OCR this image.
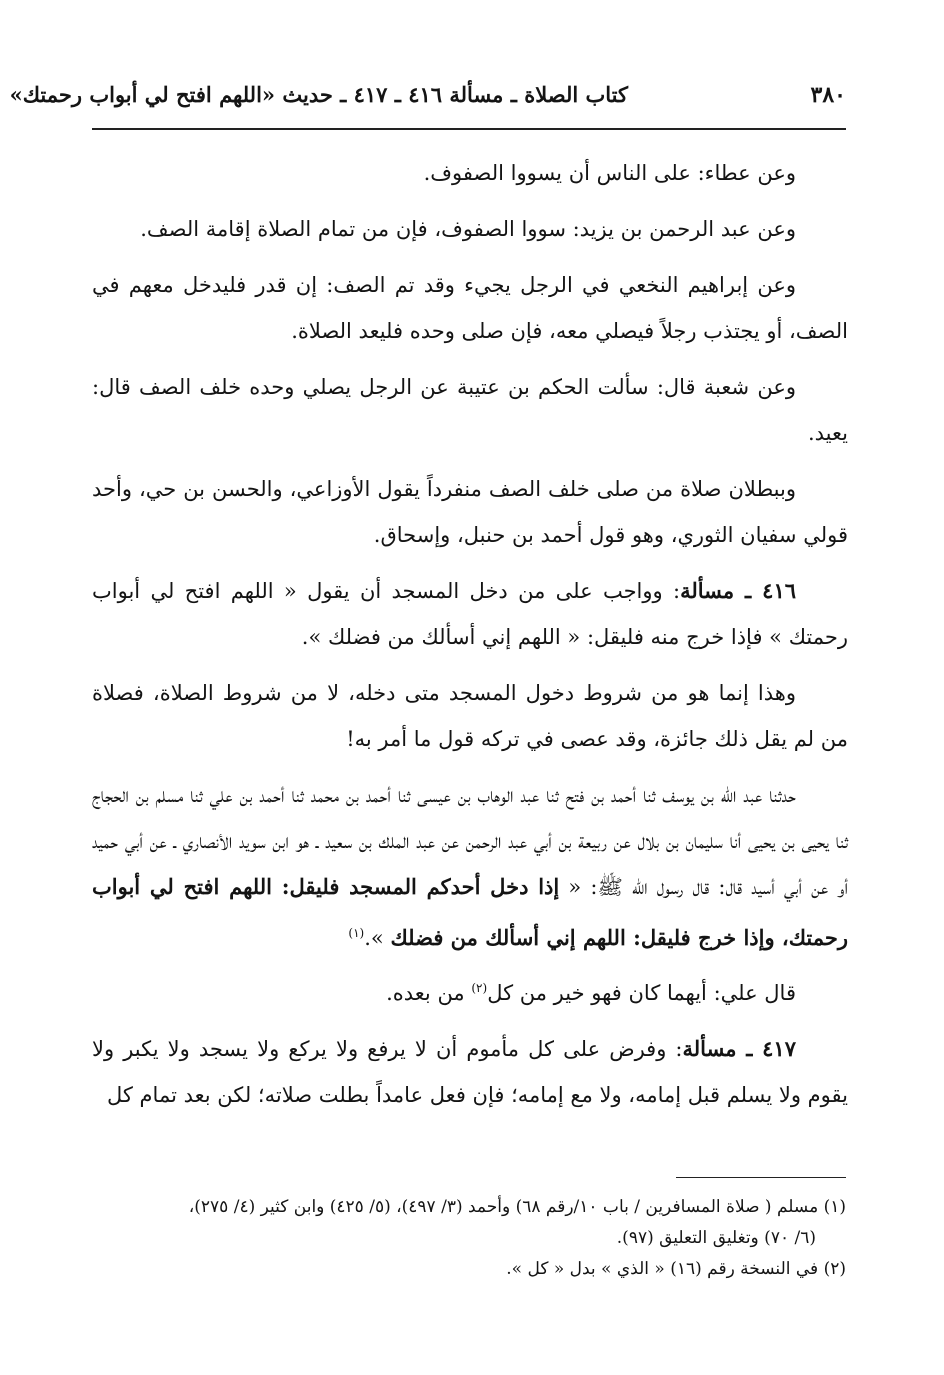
كتاب الصلاة ـ مسألة ٤١٦ ـ ٤١٧ ـ حديث «اللهم افتح لي أبواب رحمتك»	٣٨٠

وعن عطاء: على الناس أن يسووا الصفوف.

وعن عبد الرحمن بن يزيد: سووا الصفوف، فإن من تمام الصلاة إقامة الصف.

وعن إبراهيم النخعي في الرجل يجيء وقد تم الصف: إن قدر فليدخل معهم في الصف، أو يجتذب رجلاً فيصلي معه، فإن صلى وحده فليعد الصلاة.

وعن شعبة قال: سألت الحكم بن عتيبة عن الرجل يصلي وحده خلف الصف قال: يعيد.

وببطلان صلاة من صلى خلف الصف منفرداً يقول الأوزاعي، والحسن بن حي، وأحد قولي سفيان الثوري، وهو قول أحمد بن حنبل، وإسحاق.

٤١٦ ـ مسألة: وواجب على من دخل المسجد أن يقول « اللهم افتح لي أبواب رحمتك » فإذا خرج منه فليقل: « اللهم إني أسألك من فضلك ».

وهذا إنما هو من شروط دخول المسجد متى دخله، لا من شروط الصلاة، فصلاة من لم يقل ذلك جائزة، وقد عصى في تركه قول ما أمر به!

حدثنا عبد الله بن يوسف ثنا أحمد بن فتح ثنا عبد الوهاب بن عيسى ثنا أحمد بن محمد ثنا أحمد بن علي ثنا مسلم بن الحجاج ثنا يحيى بن يحيى أنا سليمان بن بلال عن ربيعة بن أبي عبد الرحمن عن عبد الملك بن سعيد ـ هو ابن سويد الأنصاري ـ عن أبي حميد أو عن أبي أسيد قال: قال رسول الله ﷺ: « إذا دخل أحدكم المسجد فليقل: اللهم افتح لي أبواب رحمتك، وإذا خرج فليقل: اللهم إني أسألك من فضلك ».$^{(١)}$

قال علي: أيهما كان فهو خير من كل$^{(٢)}$ من بعده.

٤١٧ ـ مسألة: وفرض على كل مأموم أن لا يرفع ولا يركع ولا يسجد ولا يكبر ولا يقوم ولا يسلم قبل إمامه، ولا مع إمامه؛ فإن فعل عامداً بطلت صلاته؛ لكن بعد تمام كل

(١) مسلم ( صلاة المسافرين / باب ١٠/رقم ٦٨) وأحمد (٣/ ٤٩٧)، (٥/ ٤٢٥) وابن كثير (٤/ ٢٧٥)،
(٦/ ٧٠) وتغليق التعليق (٩٧).
(٢) في النسخة رقم (١٦) « الذي » بدل « كل ».
